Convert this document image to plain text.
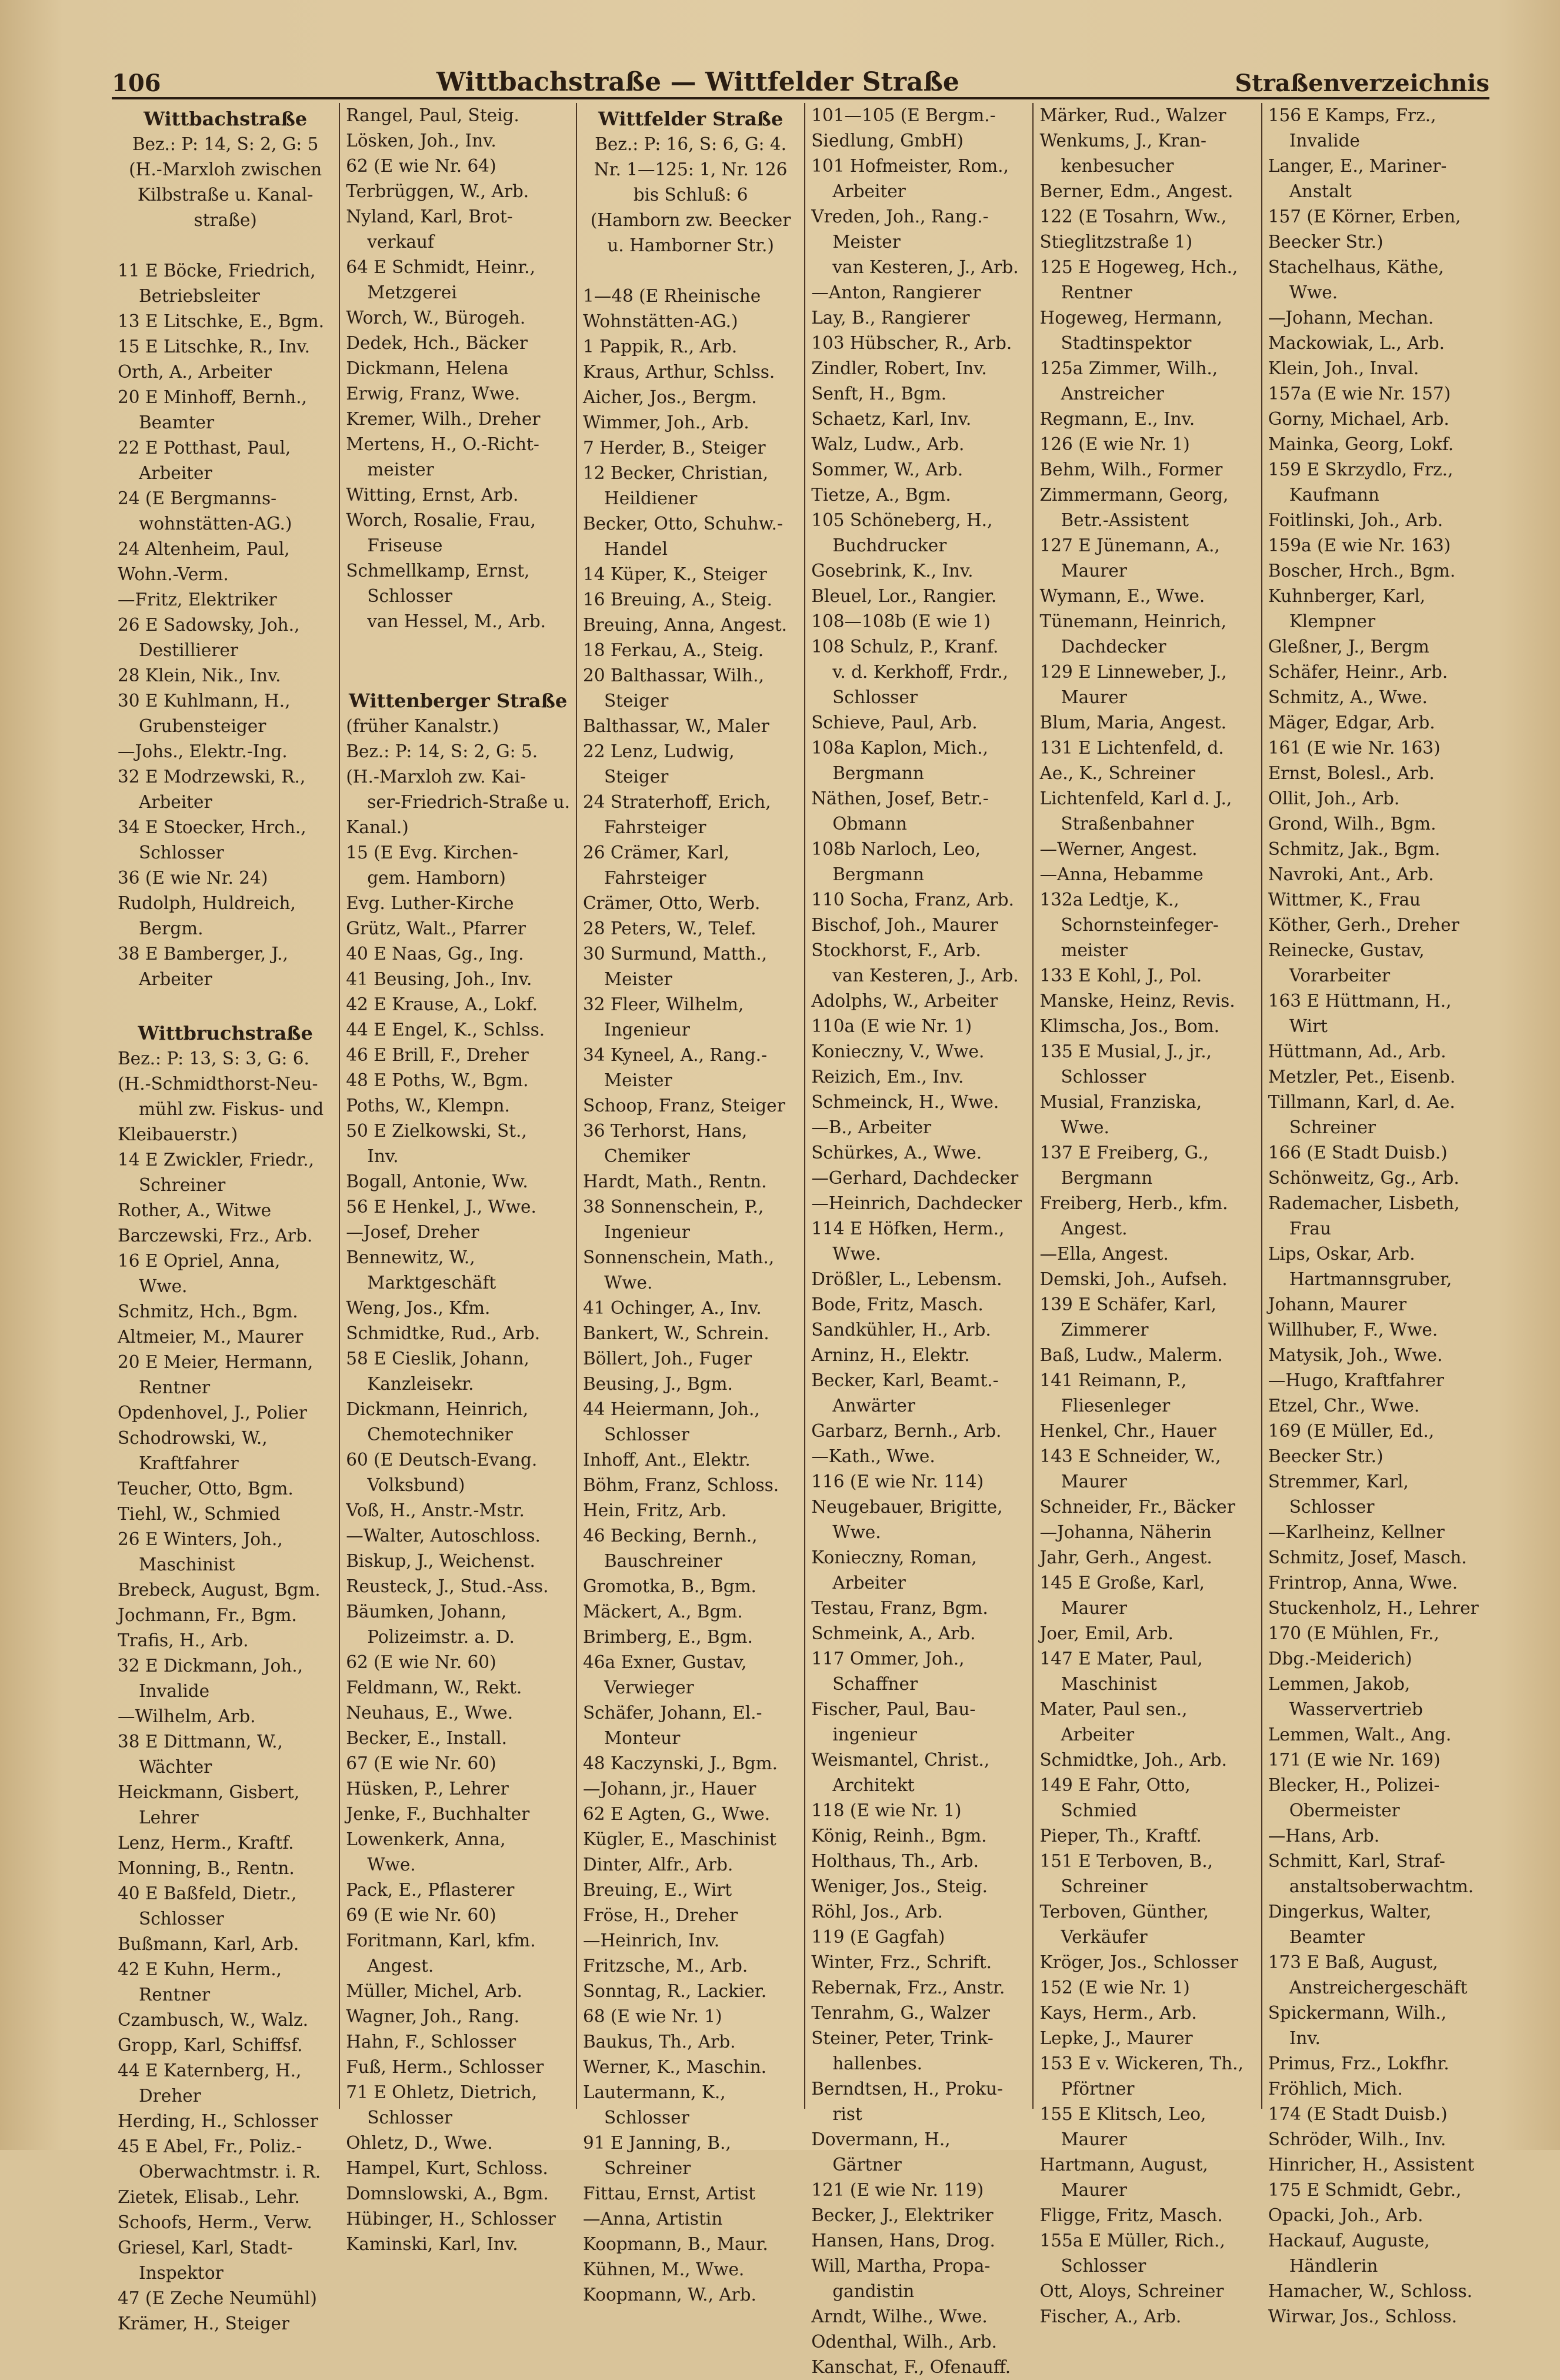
106	Wittbachstraße — Wittfelder Straße	Straßenverzeichnis
Wittbachstraße
Bez.: P: 14, S: 2, G: 5
(H.-Marxloh zwischen
Kilbstraße u. Kanal-
straße)
11 E Böcke, Friedrich,
Betriebsleiter
13 E Litschke, E., Bgm.
15 E Litschke, R., Inv.
Orth, A., Arbeiter
20 E Minhoff, Bernh.,
Beamter
22 E Potthast, Paul,
Arbeiter
24 (E Bergmanns-
wohnstätten-AG.)
24 Altenheim, Paul,
Wohn.-Verm.
—Fritz, Elektriker
26 E Sadowsky, Joh.,
Destillierer
28 Klein, Nik., Inv.
30 E Kuhlmann, H.,
Grubensteiger
—Johs., Elektr.-Ing.
32 E Modrzewski, R.,
Arbeiter
34 E Stoecker, Hrch.,
Schlosser
36 (E wie Nr. 24)
Rudolph, Huldreich,
Bergm.
38 E Bamberger, J.,
Arbeiter
Wittbruchstraße
Bez.: P: 13, S: 3, G: 6.
(H.-Schmidthorst-Neu-
mühl zw. Fiskus- und
Kleibauerstr.)
14 E Zwickler, Friedr.,
Schreiner
Rother, A., Witwe
Barczewski, Frz., Arb.
16 E Opriel, Anna,
Wwe.
Schmitz, Hch., Bgm.
Altmeier, M., Maurer
20 E Meier, Hermann,
Rentner
Opdenhovel, J., Polier
Schodrowski, W.,
Kraftfahrer
Teucher, Otto, Bgm.
Tiehl, W., Schmied
26 E Winters, Joh.,
Maschinist
Brebeck, August, Bgm.
Jochmann, Fr., Bgm.
Trafis, H., Arb.
32 E Dickmann, Joh.,
Invalide
—Wilhelm, Arb.
38 E Dittmann, W.,
Wächter
Heickmann, Gisbert,
Lehrer
Lenz, Herm., Kraftf.
Monning, B., Rentn.
40 E Baßfeld, Dietr.,
Schlosser
Bußmann, Karl, Arb.
42 E Kuhn, Herm.,
Rentner
Czambusch, W., Walz.
Gropp, Karl, Schiffsf.
44 E Katernberg, H.,
Dreher
Herding, H., Schlosser
45 E Abel, Fr., Poliz.-
Oberwachtmstr. i. R.
Zietek, Elisab., Lehr.
Schoofs, Herm., Verw.
Griesel, Karl, Stadt-
Inspektor
47 (E Zeche Neumühl)
Krämer, H., Steiger
Rangel, Paul, Steig.
Lösken, Joh., Inv.
62 (E wie Nr. 64)
Terbrüggen, W., Arb.
Nyland, Karl, Brot-
verkauf
64 E Schmidt, Heinr.,
Metzgerei
Worch, W., Bürogeh.
Dedek, Hch., Bäcker
Dickmann, Helena
Erwig, Franz, Wwe.
Kremer, Wilh., Dreher
Mertens, H., O.-Richt-
meister
Witting, Ernst, Arb.
Worch, Rosalie, Frau,
Friseuse
Schmellkamp, Ernst,
Schlosser
van Hessel, M., Arb.
Wittenberger Straße
(früher Kanalstr.)
Bez.: P: 14, S: 2, G: 5.
(H.-Marxloh zw. Kai-
ser-Friedrich-Straße u.
Kanal.)
15 (E Evg. Kirchen-
gem. Hamborn)
Evg. Luther-Kirche
Grütz, Walt., Pfarrer
40 E Naas, Gg., Ing.
41 Beusing, Joh., Inv.
42 E Krause, A., Lokf.
44 E Engel, K., Schlss.
46 E Brill, F., Dreher
48 E Poths, W., Bgm.
Poths, W., Klempn.
50 E Zielkowski, St.,
Inv.
Bogall, Antonie, Ww.
56 E Henkel, J., Wwe.
—Josef, Dreher
Bennewitz, W.,
Marktgeschäft
Weng, Jos., Kfm.
Schmidtke, Rud., Arb.
58 E Cieslik, Johann,
Kanzleisekr.
Dickmann, Heinrich,
Chemotechniker
60 (E Deutsch-Evang.
Volksbund)
Voß, H., Anstr.-Mstr.
—Walter, Autoschloss.
Biskup, J., Weichenst.
Reusteck, J., Stud.-Ass.
Bäumken, Johann,
Polizeimstr. a. D.
62 (E wie Nr. 60)
Feldmann, W., Rekt.
Neuhaus, E., Wwe.
Becker, E., Install.
67 (E wie Nr. 60)
Hüsken, P., Lehrer
Jenke, F., Buchhalter
Lowenkerk, Anna,
Wwe.
Pack, E., Pflasterer
69 (E wie Nr. 60)
Foritmann, Karl, kfm.
Angest.
Müller, Michel, Arb.
Wagner, Joh., Rang.
Hahn, F., Schlosser
Fuß, Herm., Schlosser
71 E Ohletz, Dietrich,
Schlosser
Ohletz, D., Wwe.
Hampel, Kurt, Schloss.
Domnslowski, A., Bgm.
Hübinger, H., Schlosser
Kaminski, Karl, Inv.
Wittfelder Straße
Bez.: P: 16, S: 6, G: 4.
Nr. 1—125: 1, Nr. 126
bis Schluß: 6
(Hamborn zw. Beecker
u. Hamborner Str.)
1—48 (E Rheinische
Wohnstätten-AG.)
1 Pappik, R., Arb.
Kraus, Arthur, Schlss.
Aicher, Jos., Bergm.
Wimmer, Joh., Arb.
7 Herder, B., Steiger
12 Becker, Christian,
Heildiener
Becker, Otto, Schuhw.-
Handel
14 Küper, K., Steiger
16 Breuing, A., Steig.
Breuing, Anna, Angest.
18 Ferkau, A., Steig.
20 Balthassar, Wilh.,
Steiger
Balthassar, W., Maler
22 Lenz, Ludwig,
Steiger
24 Straterhoff, Erich,
Fahrsteiger
26 Crämer, Karl,
Fahrsteiger
Crämer, Otto, Werb.
28 Peters, W., Telef.
30 Surmund, Matth.,
Meister
32 Fleer, Wilhelm,
Ingenieur
34 Kyneel, A., Rang.-
Meister
Schoop, Franz, Steiger
36 Terhorst, Hans,
Chemiker
Hardt, Math., Rentn.
38 Sonnenschein, P.,
Ingenieur
Sonnenschein, Math.,
Wwe.
41 Ochinger, A., Inv.
Bankert, W., Schrein.
Böllert, Joh., Fuger
Beusing, J., Bgm.
44 Heiermann, Joh.,
Schlosser
Inhoff, Ant., Elektr.
Böhm, Franz, Schloss.
Hein, Fritz, Arb.
46 Becking, Bernh.,
Bauschreiner
Gromotka, B., Bgm.
Mäckert, A., Bgm.
Brimberg, E., Bgm.
46a Exner, Gustav,
Verwieger
Schäfer, Johann, El.-
Monteur
48 Kaczynski, J., Bgm.
—Johann, jr., Hauer
62 E Agten, G., Wwe.
Kügler, E., Maschinist
Dinter, Alfr., Arb.
Breuing, E., Wirt
Fröse, H., Dreher
—Heinrich, Inv.
Fritzsche, M., Arb.
Sonntag, R., Lackier.
68 (E wie Nr. 1)
Baukus, Th., Arb.
Werner, K., Maschin.
Lautermann, K.,
Schlosser
91 E Janning, B.,
Schreiner
Fittau, Ernst, Artist
—Anna, Artistin
Koopmann, B., Maur.
Kühnen, M., Wwe.
Koopmann, W., Arb.
101—105 (E Bergm.-
Siedlung, GmbH)
101 Hofmeister, Rom.,
Arbeiter
Vreden, Joh., Rang.-
Meister
van Kesteren, J., Arb.
—Anton, Rangierer
Lay, B., Rangierer
103 Hübscher, R., Arb.
Zindler, Robert, Inv.
Senft, H., Bgm.
Schaetz, Karl, Inv.
Walz, Ludw., Arb.
Sommer, W., Arb.
Tietze, A., Bgm.
105 Schöneberg, H.,
Buchdrucker
Gosebrink, K., Inv.
Bleuel, Lor., Rangier.
108—108b (E wie 1)
108 Schulz, P., Kranf.
v. d. Kerkhoff, Frdr.,
Schlosser
Schieve, Paul, Arb.
108a Kaplon, Mich.,
Bergmann
Näthen, Josef, Betr.-
Obmann
108b Narloch, Leo,
Bergmann
110 Socha, Franz, Arb.
Bischof, Joh., Maurer
Stockhorst, F., Arb.
van Kesteren, J., Arb.
Adolphs, W., Arbeiter
110a (E wie Nr. 1)
Konieczny, V., Wwe.
Reizich, Em., Inv.
Schmeinck, H., Wwe.
—B., Arbeiter
Schürkes, A., Wwe.
—Gerhard, Dachdecker
—Heinrich, Dachdecker
114 E Höfken, Herm.,
Wwe.
Drößler, L., Lebensm.
Bode, Fritz, Masch.
Sandkühler, H., Arb.
Arninz, H., Elektr.
Becker, Karl, Beamt.-
Anwärter
Garbarz, Bernh., Arb.
—Kath., Wwe.
116 (E wie Nr. 114)
Neugebauer, Brigitte,
Wwe.
Konieczny, Roman,
Arbeiter
Testau, Franz, Bgm.
Schmeink, A., Arb.
117 Ommer, Joh.,
Schaffner
Fischer, Paul, Bau-
ingenieur
Weismantel, Christ.,
Architekt
118 (E wie Nr. 1)
König, Reinh., Bgm.
Holthaus, Th., Arb.
Weniger, Jos., Steig.
Röhl, Jos., Arb.
119 (E Gagfah)
Winter, Frz., Schrift.
Rebernak, Frz., Anstr.
Tenrahm, G., Walzer
Steiner, Peter, Trink-
hallenbes.
Berndtsen, H., Proku-
rist
Dovermann, H.,
Gärtner
121 (E wie Nr. 119)
Becker, J., Elektriker
Hansen, Hans, Drog.
Will, Martha, Propa-
gandistin
Arndt, Wilhe., Wwe.
Odenthal, Wilh., Arb.
Kanschat, F., Ofenauff.
Märker, Rud., Walzer
Wenkums, J., Kran-
kenbesucher
Berner, Edm., Angest.
122 (E Tosahrn, Ww.,
Stieglitzstraße 1)
125 E Hogeweg, Hch.,
Rentner
Hogeweg, Hermann,
Stadtinspektor
125a Zimmer, Wilh.,
Anstreicher
Regmann, E., Inv.
126 (E wie Nr. 1)
Behm, Wilh., Former
Zimmermann, Georg,
Betr.-Assistent
127 E Jünemann, A.,
Maurer
Wymann, E., Wwe.
Tünemann, Heinrich,
Dachdecker
129 E Linneweber, J.,
Maurer
Blum, Maria, Angest.
131 E Lichtenfeld, d.
Ae., K., Schreiner
Lichtenfeld, Karl d. J.,
Straßenbahner
—Werner, Angest.
—Anna, Hebamme
132a Ledtje, K.,
Schornsteinfeger-
meister
133 E Kohl, J., Pol.
Manske, Heinz, Revis.
Klimscha, Jos., Bom.
135 E Musial, J., jr.,
Schlosser
Musial, Franziska,
Wwe.
137 E Freiberg, G.,
Bergmann
Freiberg, Herb., kfm.
Angest.
—Ella, Angest.
Demski, Joh., Aufseh.
139 E Schäfer, Karl,
Zimmerer
Baß, Ludw., Malerm.
141 Reimann, P.,
Fliesenleger
Henkel, Chr., Hauer
143 E Schneider, W.,
Maurer
Schneider, Fr., Bäcker
—Johanna, Näherin
Jahr, Gerh., Angest.
145 E Große, Karl,
Maurer
Joer, Emil, Arb.
147 E Mater, Paul,
Maschinist
Mater, Paul sen.,
Arbeiter
Schmidtke, Joh., Arb.
149 E Fahr, Otto,
Schmied
Pieper, Th., Kraftf.
151 E Terboven, B.,
Schreiner
Terboven, Günther,
Verkäufer
Kröger, Jos., Schlosser
152 (E wie Nr. 1)
Kays, Herm., Arb.
Lepke, J., Maurer
153 E v. Wickeren, Th.,
Pförtner
155 E Klitsch, Leo,
Maurer
Hartmann, August,
Maurer
Fligge, Fritz, Masch.
155a E Müller, Rich.,
Schlosser
Ott, Aloys, Schreiner
Fischer, A., Arb.
156 E Kamps, Frz.,
Invalide
Langer, E., Mariner-
Anstalt
157 (E Körner, Erben,
Beecker Str.)
Stachelhaus, Käthe,
Wwe.
—Johann, Mechan.
Mackowiak, L., Arb.
Klein, Joh., Inval.
157a (E wie Nr. 157)
Gorny, Michael, Arb.
Mainka, Georg, Lokf.
159 E Skrzydlo, Frz.,
Kaufmann
Foitlinski, Joh., Arb.
159a (E wie Nr. 163)
Boscher, Hrch., Bgm.
Kuhnberger, Karl,
Klempner
Gleßner, J., Bergm
Schäfer, Heinr., Arb.
Schmitz, A., Wwe.
Mäger, Edgar, Arb.
161 (E wie Nr. 163)
Ernst, Bolesl., Arb.
Ollit, Joh., Arb.
Grond, Wilh., Bgm.
Schmitz, Jak., Bgm.
Navroki, Ant., Arb.
Wittmer, K., Frau
Köther, Gerh., Dreher
Reinecke, Gustav,
Vorarbeiter
163 E Hüttmann, H.,
Wirt
Hüttmann, Ad., Arb.
Metzler, Pet., Eisenb.
Tillmann, Karl, d. Ae.
Schreiner
166 (E Stadt Duisb.)
Schönweitz, Gg., Arb.
Rademacher, Lisbeth,
Frau
Lips, Oskar, Arb.
Hartmannsgruber,
Johann, Maurer
Willhuber, F., Wwe.
Matysik, Joh., Wwe.
—Hugo, Kraftfahrer
Etzel, Chr., Wwe.
169 (E Müller, Ed.,
Beecker Str.)
Stremmer, Karl,
Schlosser
—Karlheinz, Kellner
Schmitz, Josef, Masch.
Frintrop, Anna, Wwe.
Stuckenholz, H., Lehrer
170 (E Mühlen, Fr.,
Dbg.-Meiderich)
Lemmen, Jakob,
Wasservertrieb
Lemmen, Walt., Ang.
171 (E wie Nr. 169)
Blecker, H., Polizei-
Obermeister
—Hans, Arb.
Schmitt, Karl, Straf-
anstaltsoberwachtm.
Dingerkus, Walter,
Beamter
173 E Baß, August,
Anstreichergeschäft
Spickermann, Wilh.,
Inv.
Primus, Frz., Lokfhr.
Fröhlich, Mich.
174 (E Stadt Duisb.)
Schröder, Wilh., Inv.
Hinricher, H., Assistent
175 E Schmidt, Gebr.,
Opacki, Joh., Arb.
Hackauf, Auguste,
Händlerin
Hamacher, W., Schloss.
Wirwar, Jos., Schloss.
